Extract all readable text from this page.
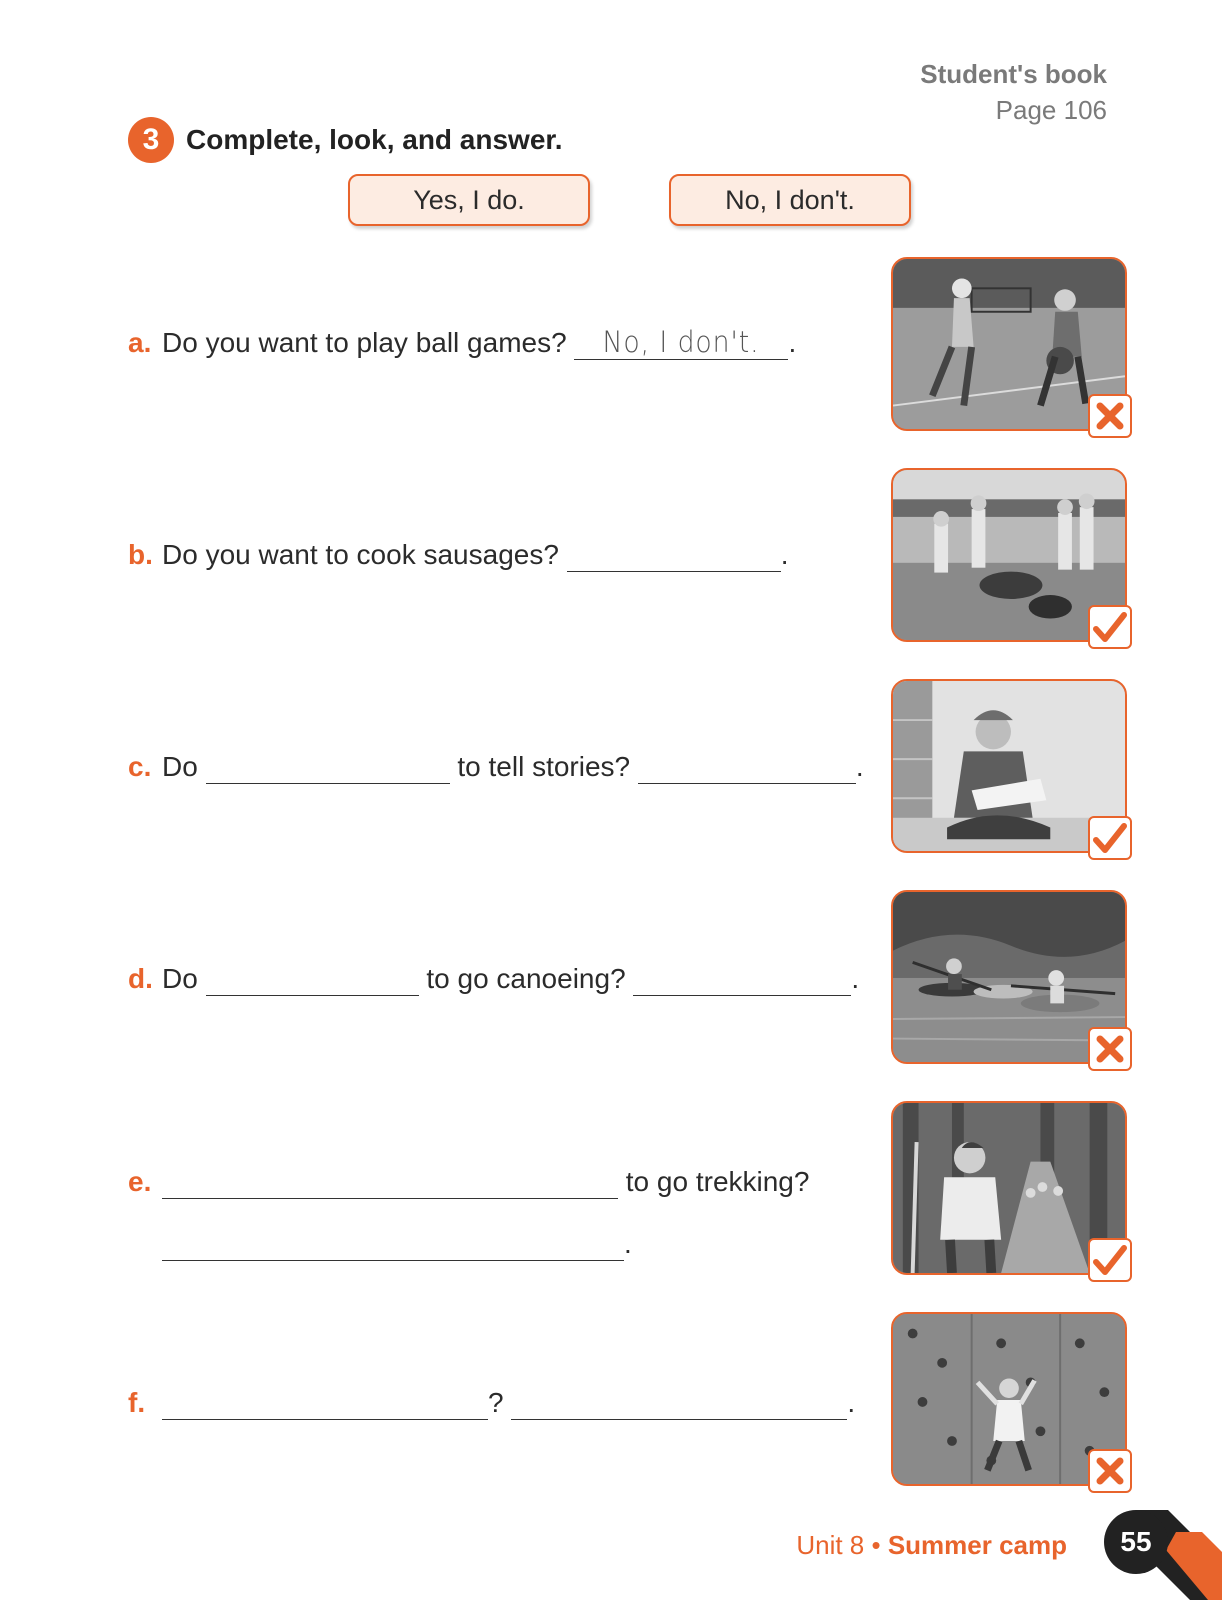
Student's book
Page 106
3 Complete, look, and answer.
Yes, I do.	No, I don't.
a. Do you want to play ball games?	No, I don't.	.
b. Do you want to cook sausages?	.
c. Do	to tell stories?	.
d. Do	to go canoeing?	.
e.	to go trekking?
.
f.	?	.
Unit 8 • Summer camp	55
